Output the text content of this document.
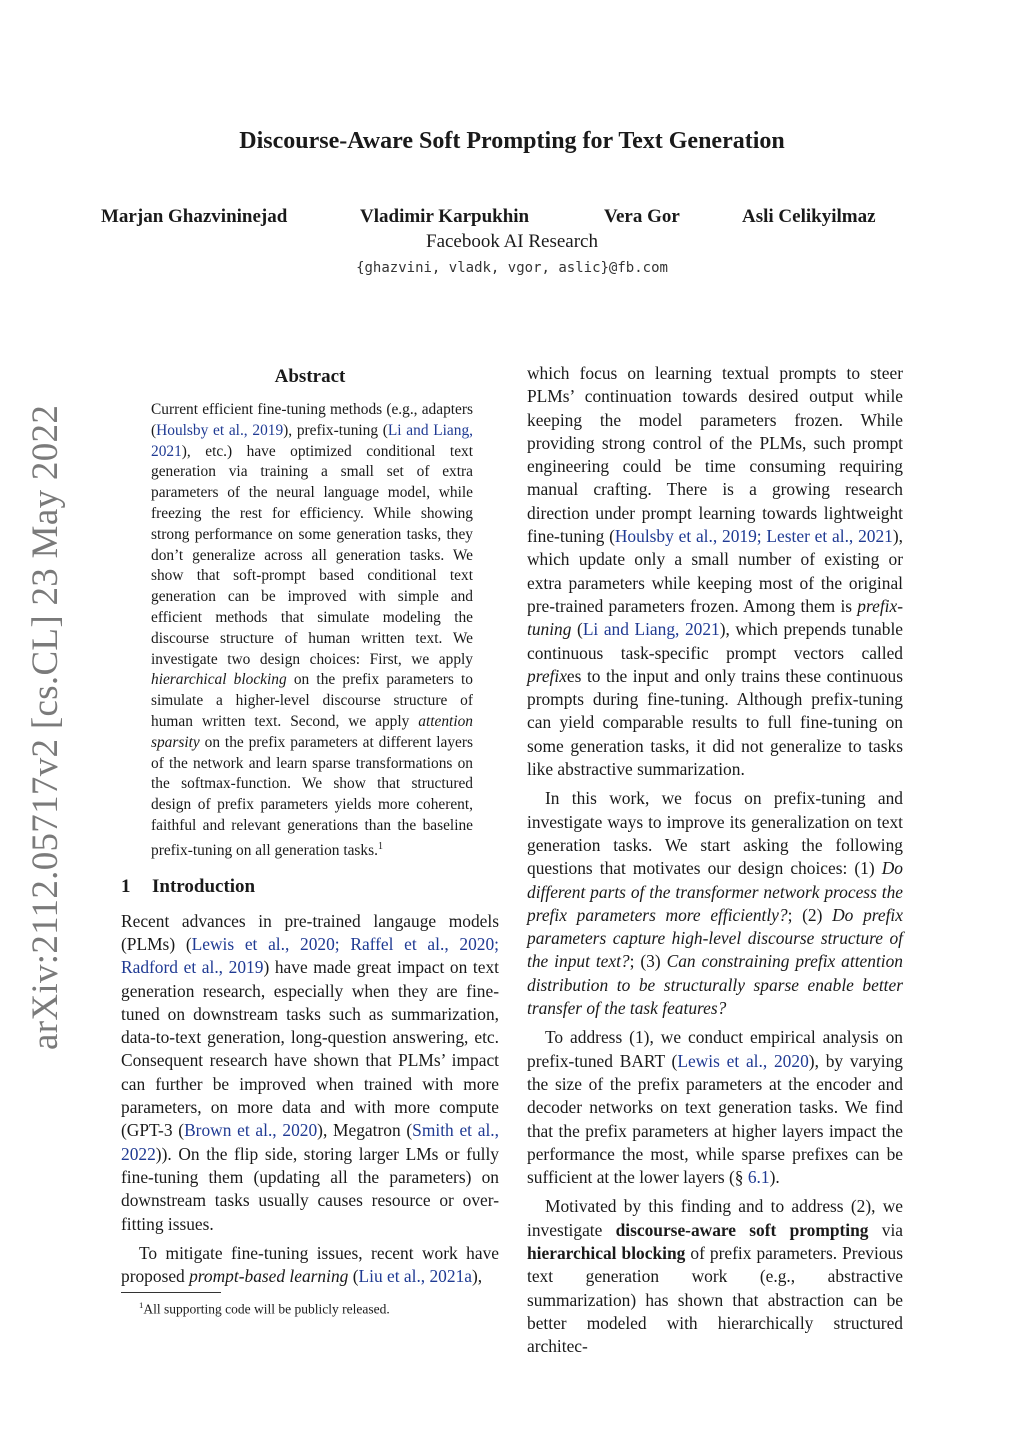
arXiv:2112.05717v2 [cs.CL] 23 May 2022
Discourse-Aware Soft Prompting for Text Generation
Marjan Ghazvininejad	Vladimir Karpukhin	Vera Gor	Asli Celikyilmaz
Facebook AI Research
{ghazvini, vladk, vgor, aslic}@fb.com
Abstract

Current efficient fine-tuning methods (e.g., adapters (Houlsby et al., 2019), prefix-tuning (Li and Liang, 2021), etc.) have optimized conditional text generation via training a small set of extra parameters of the neural language model, while freezing the rest for efficiency. While showing strong performance on some generation tasks, they don’t generalize across all generation tasks. We show that soft-prompt based conditional text generation can be improved with simple and efficient methods that simulate modeling the discourse structure of human written text. We investigate two design choices: First, we apply hierarchical blocking on the prefix parameters to simulate a higher-level discourse structure of human written text. Second, we apply attention sparsity on the prefix parameters at different layers of the network and learn sparse transformations on the softmax-function. We show that structured design of prefix parameters yields more coherent, faithful and relevant generations than the baseline prefix-tuning on all generation tasks.$^1$

1 Introduction

Recent advances in pre-trained langauge models (PLMs) (Lewis et al., 2020; Raffel et al., 2020; Radford et al., 2019) have made great impact on text generation research, especially when they are fine-tuned on downstream tasks such as summarization, data-to-text generation, long-question answering, etc. Consequent research have shown that PLMs’ impact can further be improved when trained with more parameters, on more data and with more compute (GPT-3 (Brown et al., 2020), Megatron (Smith et al., 2022)). On the flip side, storing larger LMs or fully fine-tuning them (updating all the parameters) on downstream tasks usually causes resource or over-fitting issues.

To mitigate fine-tuning issues, recent work have proposed prompt-based learning (Liu et al., 2021a),

$^1$All supporting code will be publicly released.

which focus on learning textual prompts to steer PLMs’ continuation towards desired output while keeping the model parameters frozen. While providing strong control of the PLMs, such prompt engineering could be time consuming requiring manual crafting. There is a growing research direction under prompt learning towards lightweight fine-tuning (Houlsby et al., 2019; Lester et al., 2021), which update only a small number of existing or extra parameters while keeping most of the original pre-trained parameters frozen. Among them is prefix-tuning (Li and Liang, 2021), which prepends tunable continuous task-specific prompt vectors called prefixes to the input and only trains these continuous prompts during fine-tuning. Although prefix-tuning can yield comparable results to full fine-tuning on some generation tasks, it did not generalize to tasks like abstractive summarization.

In this work, we focus on prefix-tuning and investigate ways to improve its generalization on text generation tasks. We start asking the following questions that motivates our design choices: (1) Do different parts of the transformer network process the prefix parameters more efficiently?; (2) Do prefix parameters capture high-level discourse structure of the input text?; (3) Can constraining prefix attention distribution to be structurally sparse enable better transfer of the task features?

To address (1), we conduct empirical analysis on prefix-tuned BART (Lewis et al., 2020), by varying the size of the prefix parameters at the encoder and decoder networks on text generation tasks. We find that the prefix parameters at higher layers impact the performance the most, while sparse prefixes can be sufficient at the lower layers (§ 6.1).

Motivated by this finding and to address (2), we investigate discourse-aware soft prompting via hierarchical blocking of prefix parameters. Previous text generation work (e.g., abstractive summarization) has shown that abstraction can be better modeled with hierarchically structured architec-
